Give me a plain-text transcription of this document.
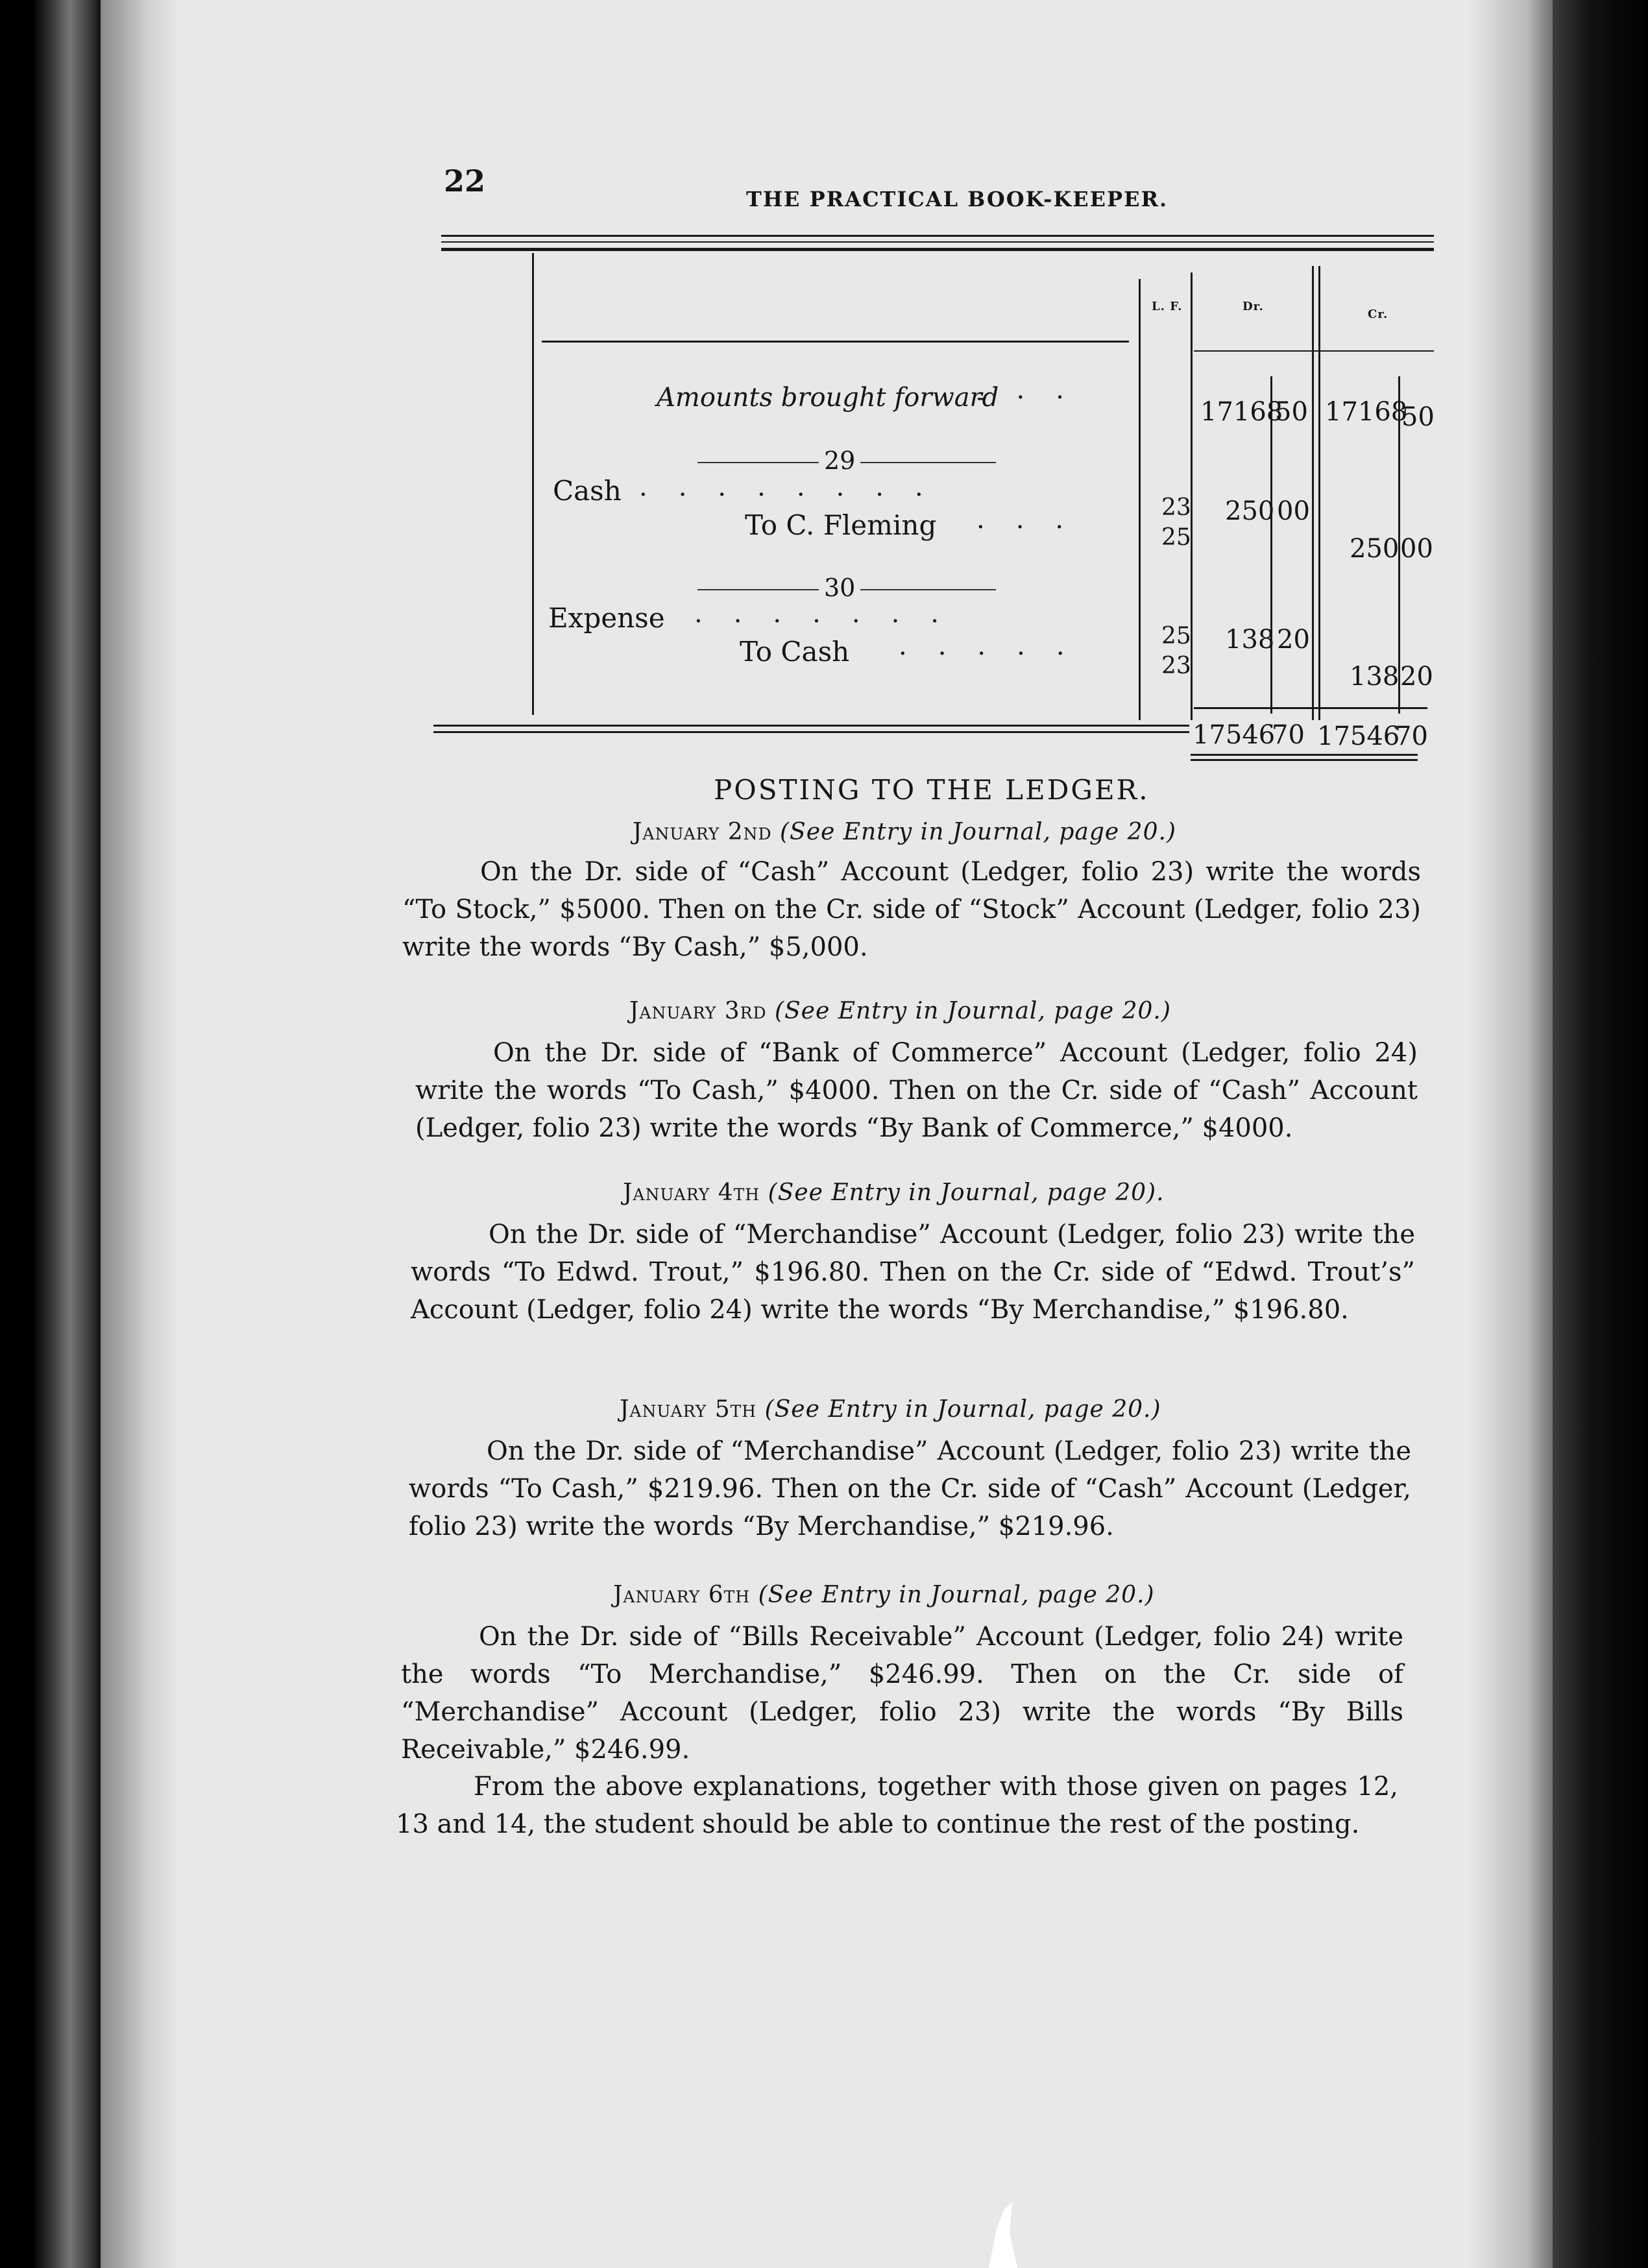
22
THE PRACTICAL BOOK-KEEPER.
L. F.	Dr.
Cr.
Amounts brought forward
-··	17168
50 17168
50
29
Cash ········
To C. Fleming ···
23
25
250 00
250 00
30
Expense ·······
To Cash ·····
25
23
138 20
138 20
17546
70 17546
70
POSTING TO THE LEDGER.
January 2nd (See Entry in Journal, page 20.)
On the Dr. side of “Cash” Account (Ledger, folio 23) write the words “To Stock,” $5000. Then on the Cr. side of “Stock” Account (Ledger, folio 23) write the words “By Cash,” $5,000.
January 3rd (See Entry in Journal, page 20.)
On the Dr. side of “Bank of Commerce” Account (Ledger, folio 24) write the words “To Cash,” $4000. Then on the Cr. side of “Cash” Account (Ledger, folio 23) write the words “By Bank of Commerce,” $4000.
January 4th (See Entry in Journal, page 20).
On the Dr. side of “Merchandise” Account (Ledger, folio 23) write the words “To Edwd. Trout,” $196.80. Then on the Cr. side of “Edwd. Trout’s” Account (Ledger, folio 24) write the words “By Merchandise,” $196.80.
January 5th (See Entry in Journal, page 20.)
On the Dr. side of “Merchandise” Account (Ledger, folio 23) write the words “To Cash,” $219.96. Then on the Cr. side of “Cash” Account (Ledger, folio 23) write the words “By Merchandise,” $219.96.
January 6th (See Entry in Journal, page 20.)
On the Dr. side of “Bills Receivable” Account (Ledger, folio 24) write the words “To Merchandise,” $246.99. Then on the Cr. side of “Merchandise” Account (Ledger, folio 23) write the words “By Bills Receivable,” $246.99.
From the above explanations, together with those given on pages 12, 13 and 14, the student should be able to continue the rest of the posting.
